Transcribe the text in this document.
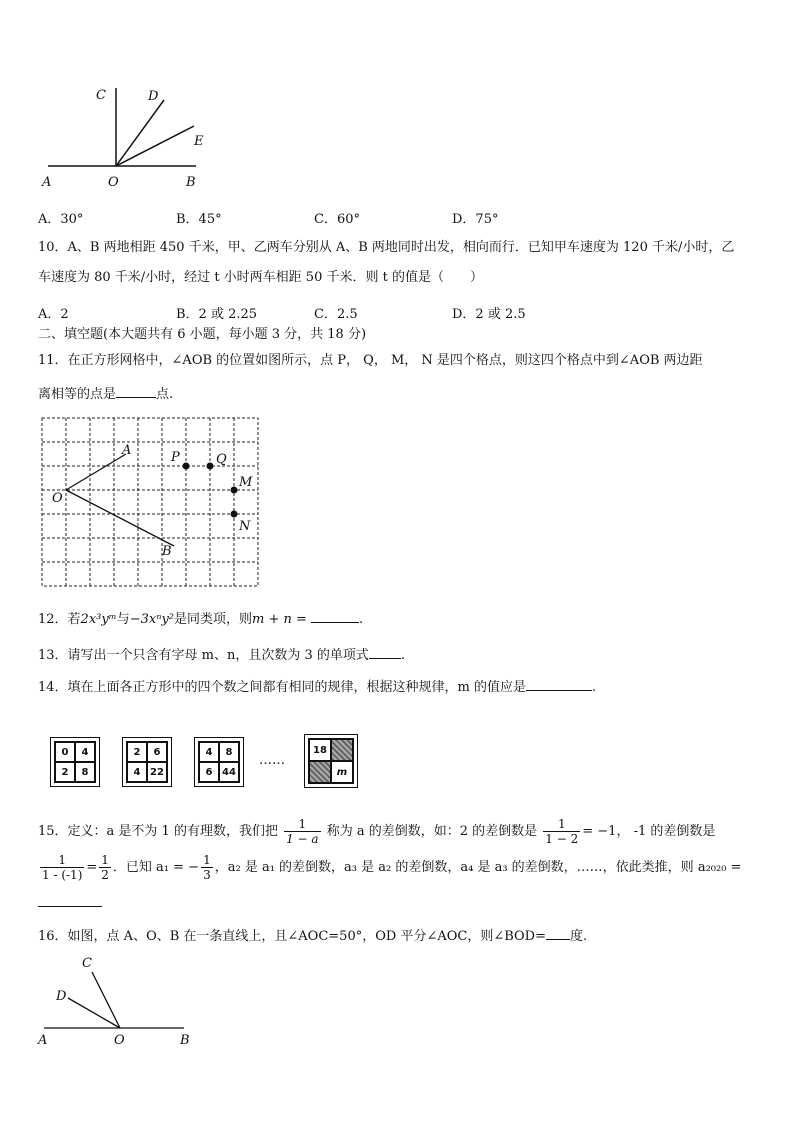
C	D
E
A	O	B
A．30°	B．45°	C．60°	D．75°
10．A、B 两地相距 450 千米，甲、乙两车分别从 A、B 两地同时出发，相向而行．已知甲车速度为 120 千米/小时，乙
车速度为 80 千米/小时，经过 t 小时两车相距 50 千米．则 t 的值是（　　）
A．2	B．2 或 2.25	C．2.5	D．2 或 2.5
二、填空题(本大题共有 6 小题，每小题 3 分，共 18 分)
11．在正方形网格中，∠AOB 的位置如图所示，点 P， Q， M， N 是四个格点，则这四个格点中到∠AOB 两边距
离相等的点是	点.
A	P	Q
O
M
N
B
12．若2x³yᵐ与−3xⁿy²是同类项，则m + n =	.
13．请写出一个只含有字母 m、n，且次数为 3 的单项式 .
14．填在上面各正方形中的四个数之间都有相同的规律，根据这种规律，m 的值应是	.
0	4
2	8
2	6
4 22
4	8
6 44
……
18
m
15．定义：a 是不为 1 的有理数，我们把 $\frac{1}{1 - a}$ 称为 a 的差倒数，如：2 的差倒数是 $\frac{1}{1 - 2} = -1$， -1 的差倒数是
$\frac{1}{1 - (-1)} = \frac{1}{2}$ ．已知 a₁ = − $\frac{1}{3}$ ，a₂ 是 a₁ 的差倒数，a₃ 是 a₂ 的差倒数，a₄ 是 a₃ 的差倒数，……，依此类推，则 a₂₀₂₀ =
16．如图，点 A、O、B 在一条直线上，且∠AOC=50°，OD 平分∠AOC，则∠BOD= 度.
C
D
A	O	B
